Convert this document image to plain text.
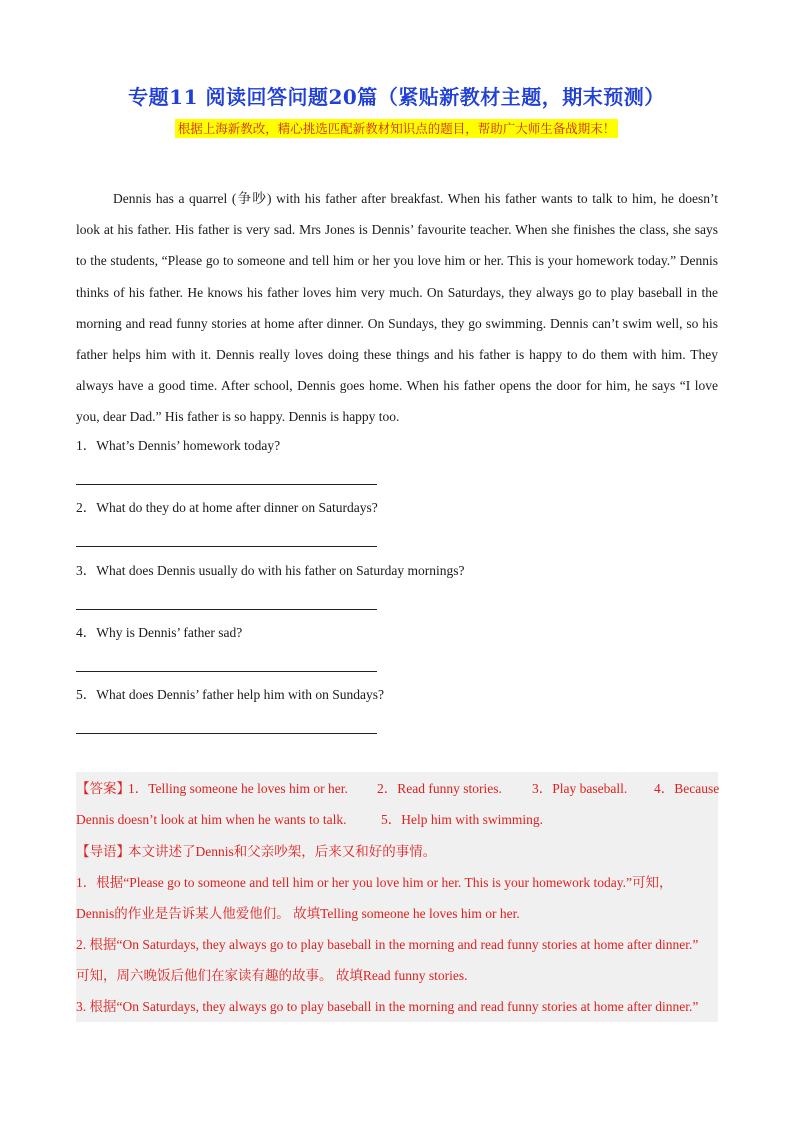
专题11 阅读回答问题20篇（紧贴新教材主题，期末预测）
根据上海新教改，精心挑选匹配新教材知识点的题目，帮助广大师生备战期末！

Dennis has a quarrel (争吵) with his father after breakfast. When his father wants to talk to him, he doesn’t look at his father. His father is very sad. Mrs Jones is Dennis’ favourite teacher. When she finishes the class, she says to the students, “Please go to someone and tell him or her you love him or her. This is your homework today.” Dennis thinks of his father. He knows his father loves him very much. On Saturdays, they always go to play baseball in the morning and read funny stories at home after dinner. On Sundays, they go swimming. Dennis can’t swim well, so his father helps him with it. Dennis really loves doing these things and his father is happy to do them with him. They always have a good time. After school, Dennis goes home. When his father opens the door for him, he says “I love you, dear Dad.” His father is so happy. Dennis is happy too.

1．What’s Dennis’ homework today?
2．What do they do at home after dinner on Saturdays?
3．What does Dennis usually do with his father on Saturday mornings?
4．Why is Dennis’ father sad?
5．What does Dennis’ father help him with on Sundays?
【答案】
1．Telling someone he loves him or her. 2．Read funny stories. 3．Play baseball. 4．Because
Dennis doesn’t look at him when he wants to talk.	5．Help him with swimming.
【导语】
本文讲述了Dennis和父亲吵架，后来又和好的事情。
1．根据“Please go to someone and tell him or her you love him or her. This is your homework today.”可知，
Dennis的作业是告诉某人他爱他们。 故填Telling someone he loves him or her.
2. 根据“On Saturdays, they always go to play baseball in the morning and read funny stories at home after dinner.”
可知，周六晚饭后他们在家读有趣的故事。 故填Read funny stories.
3. 根据“On Saturdays, they always go to play baseball in the morning and read funny stories at home after dinner.”
